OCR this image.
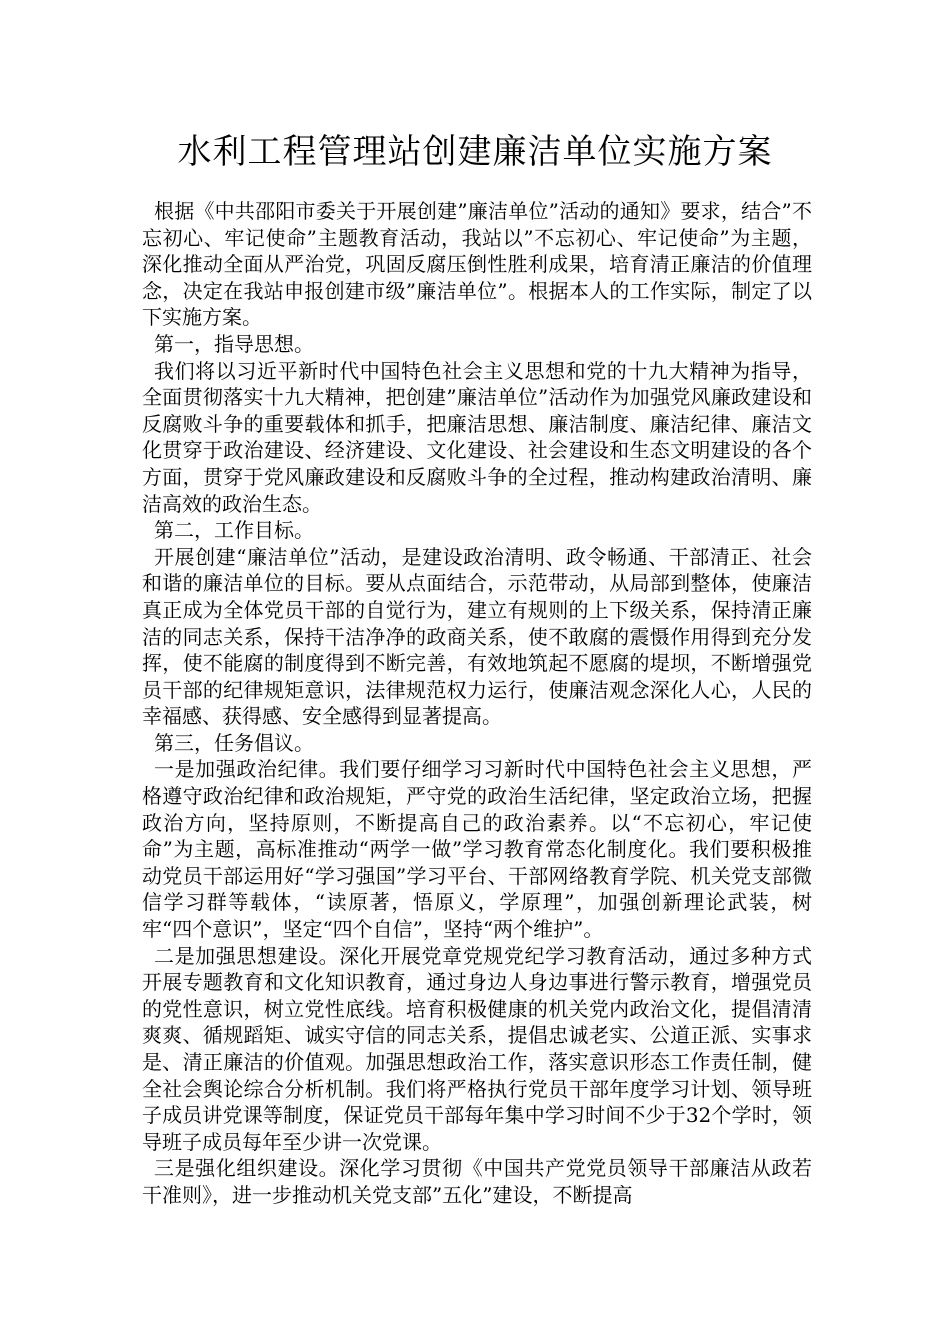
水利工程管理站创建廉洁单位实施方案

根据《中共邵阳市委关于开展创建”廉洁单位”活动的通知》要求，结合”不忘初心、牢记使命”主题教育活动，我站以”不忘初心、牢记使命”为主题，深化推动全面从严治党，巩固反腐压倒性胜利成果，培育清正廉洁的价值理念，决定在我站申报创建市级”廉洁单位”。根据本人的工作实际，制定了以下实施方案。

第一，指导思想。

我们将以习近平新时代中国特色社会主义思想和党的十九大精神为指导，全面贯彻落实十九大精神，把创建”廉洁单位”活动作为加强党风廉政建设和反腐败斗争的重要载体和抓手，把廉洁思想、廉洁制度、廉洁纪律、廉洁文化贯穿于政治建设、经济建设、文化建设、社会建设和生态文明建设的各个方面，贯穿于党风廉政建设和反腐败斗争的全过程，推动构建政治清明、廉洁高效的政治生态。

第二，工作目标。

开展创建“廉洁单位”活动，是建设政治清明、政令畅通、干部清正、社会和谐的廉洁单位的目标。要从点面结合，示范带动，从局部到整体，使廉洁真正成为全体党员干部的自觉行为，建立有规则的上下级关系，保持清正廉洁的同志关系，保持干洁净净的政商关系，使不敢腐的震慑作用得到充分发挥，使不能腐的制度得到不断完善，有效地筑起不愿腐的堤坝，不断增强党员干部的纪律规矩意识，法律规范权力运行，使廉洁观念深化人心，人民的幸福感、获得感、安全感得到显著提高。

第三，任务倡议。

一是加强政治纪律。我们要仔细学习习新时代中国特色社会主义思想，严格遵守政治纪律和政治规矩，严守党的政治生活纪律，坚定政治立场，把握政治方向，坚持原则，不断提高自己的政治素养。以“不忘初心，牢记使命”为主题，高标准推动“两学一做”学习教育常态化制度化。我们要积极推动党员干部运用好“学习强国”学习平台、干部网络教育学院、机关党支部微信学习群等载体，“读原著，悟原义，学原理”，加强创新理论武装，树牢“四个意识”，坚定“四个自信”，坚持“两个维护”。

二是加强思想建设。深化开展党章党规党纪学习教育活动，通过多种方式开展专题教育和文化知识教育，通过身边人身边事进行警示教育，增强党员的党性意识，树立党性底线。培育积极健康的机关党内政治文化，提倡清清爽爽、循规蹈矩、诚实守信的同志关系，提倡忠诚老实、公道正派、实事求是、清正廉洁的价值观。加强思想政治工作，落实意识形态工作责任制，健全社会舆论综合分析机制。我们将严格执行党员干部年度学习计划、领导班子成员讲党课等制度，保证党员干部每年集中学习时间不少于32个学时，领导班子成员每年至少讲一次党课。

三是强化组织建设。深化学习贯彻《中国共产党党员领导干部廉洁从政若干准则》，进一步推动机关党支部”五化”建设，不断提高
